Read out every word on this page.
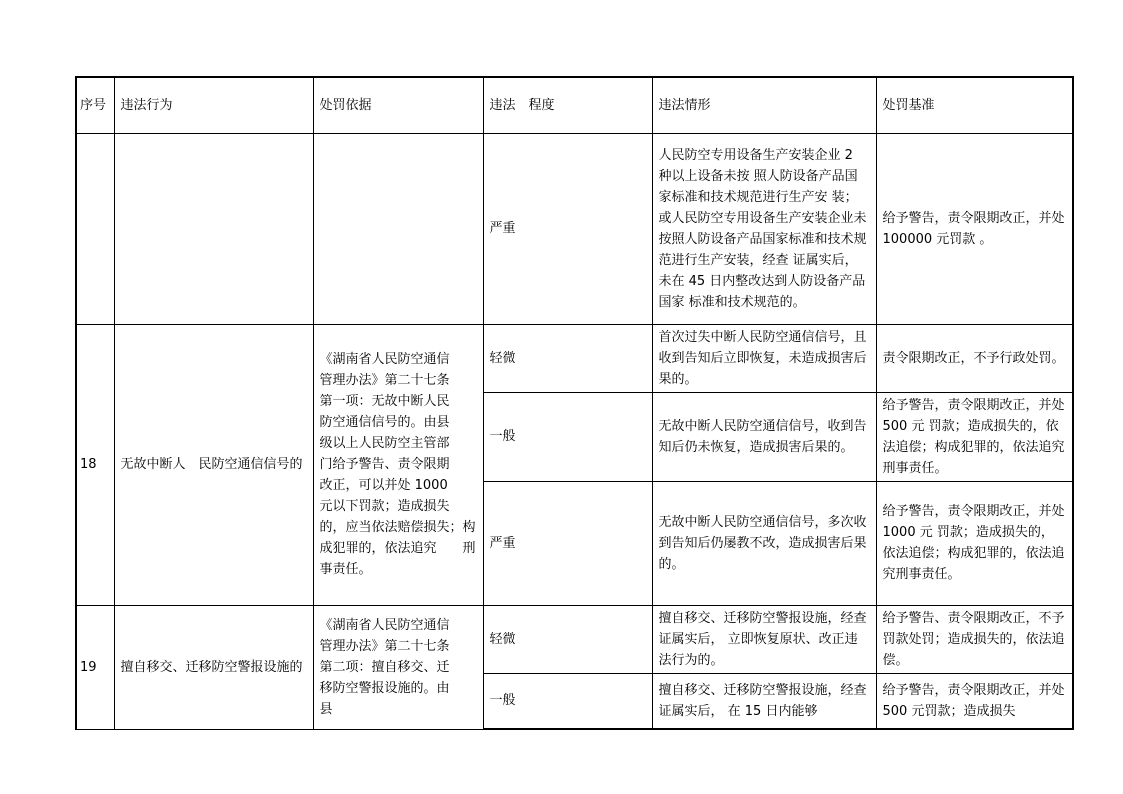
序号	违法行为	处罚依据	违法　程度	违法情形	处罚基准
			严重	人民防空专用设备生产安装企业 2 种以上设备未按 照人防设备产品国家标准和技术规范进行生产安 装；或人民防空专用设备生产安装企业未按照人防设备产品国家标准和技术规范进行生产安装，经查 证属实后，未在 45 日内整改达到人防设备产品国家 标准和技术规范的。	给予警告，责令限期改正，并处 100000 元罚款 。
18	无故中断人　民防空通信信号的	《湖南省人民防空通信　　管理办法》第二十七条　　第一项：无故中断人民　　防空通信信号的。由县　　级以上人民防空主管部　　门给予警告、责令限期　　改正，可以并处 1000　　元以下罚款；造成损失　　的，应当依法赔偿损失；构成犯罪的，依法追究　　刑事责任。	轻微	首次过失中断人民防空通信信号，且收到告知后立即恢复，未造成损害后果的。	责令限期改正，不予行政处罚。
			一般	无故中断人民防空通信信号，收到告知后仍未恢复，造成损害后果的。	给予警告，责令限期改正，并处 500 元 罚款；造成损失的，依法追偿；构成犯罪的，依法追究刑事责任。
			严重	无故中断人民防空通信信号，多次收到告知后仍屡教不改，造成损害后果的。	给予警告，责令限期改正，并处 1000 元 罚款；造成损失的，依法追偿；构成犯罪的，依法追究刑事责任。
19	擅自移交、迁移防空警报设施的	《湖南省人民防空通信　　管理办法》第二十七条　　第二项：擅自移交、迁　　移防空警报设施的。由　　县	轻微	擅自移交、迁移防空警报设施，经查证属实后， 立即恢复原状、改正违法行为的。	给予警告、责令限期改正，不予罚款处罚；造成损失的，依法追偿。
			一般	擅自移交、迁移防空警报设施，经查证属实后， 在 15 日内能够	给予警告，责令限期改正，并处 500 元罚款；造成损失
